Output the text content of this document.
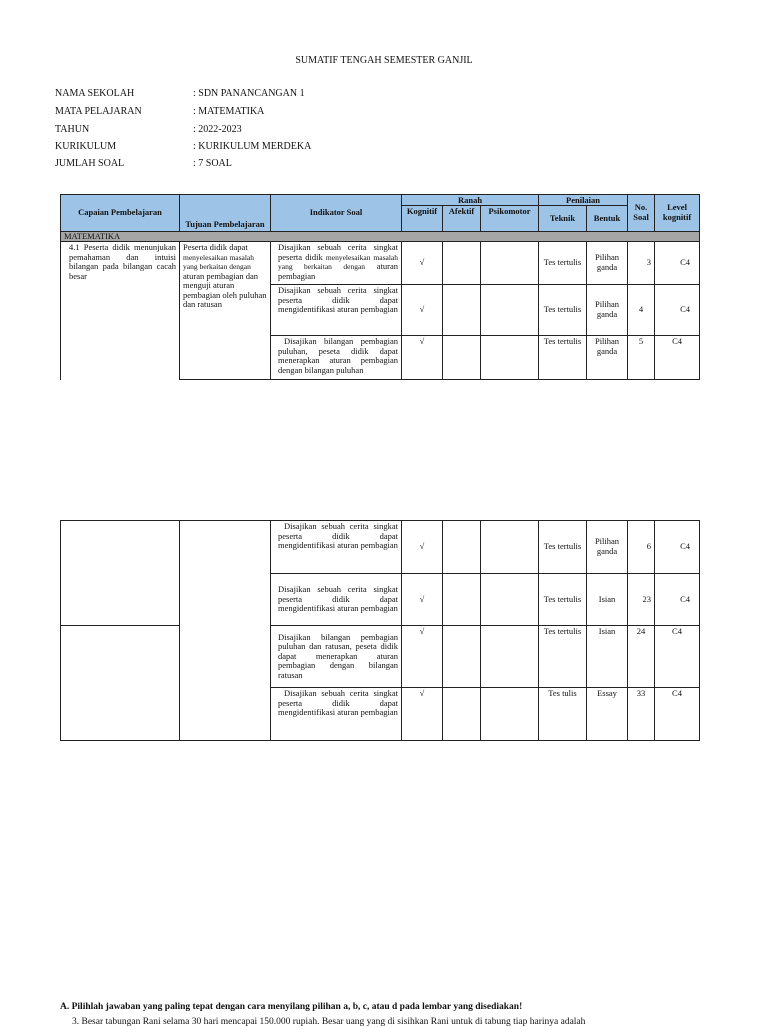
SUMATIF TENGAH SEMESTER GANJIL
NAMA SEKOLAH	: SDN PANANCANGAN 1
MATA PELAJARAN	: MATEMATIKA
TAHUN	: 2022-2023
KURIKULUM	: KURIKULUM MERDEKA
JUMLAH SOAL	: 7 SOAL
Capaian Pembelajaran	Tujuan Pembelajaran	Indikator Soal	Ranah			Penilaian		No. Soal	Level kognitif
			Kognitif	Afektif	Psikomotor	Teknik	Bentuk		
MATEMATIKA									
4.1 Peserta didik menunjukan pemahaman dan intuisi bilangan pada bilangan cacah besar	Peserta didik dapat menyelesaikan masalah yang berkaitan dengan aturan pembagian dan menguji aturan pembagian oleh puluhan dan ratusan	Disajikan sebuah cerita singkat peserta didik menyelesaikan masalah yang berkaitan dengan aturan pembagian	√			Tes tertulis	Pilihan ganda	3	C4
		Disajikan sebuah cerita singkat peserta didik dapat mengidentifikasi aturan pembagian	√			Tes tertulis	Pilihan ganda	4	C4
		Disajikan bilangan pembagian puluhan, peseta didik dapat menerapkan aturan pembagian dengan bilangan puluhan	√			Tes tertulis	Pilihan ganda	5	C4
		Disajikan sebuah cerita singkat peserta didik dapat mengidentifikasi aturan pembagian	√			Tes tertulis	Pilihan ganda	6	C4
		Disajikan sebuah cerita singkat peserta didik dapat mengidentifikasi aturan pembagian	√			Tes tertulis	Isian	23	C4
		Disajikan bilangan pembagian puluhan dan ratusan, peseta didik dapat menerapkan aturan pembagian dengan bilangan ratusan	√			Tes tertulis	Isian	24	C4
		Disajikan sebuah cerita singkat peserta didik dapat mengidentifikasi aturan pembagian	√			Tes tulis	Essay	33	C4
A. Pilihlah jawaban yang paling tepat dengan cara menyilang pilihan a, b, c, atau d pada lembar yang disediakan!
3. Besar tabungan Rani selama 30 hari mencapai 150.000 rupiah. Besar uang yang di sisihkan Rani untuk di tabung tiap harinya adalah
